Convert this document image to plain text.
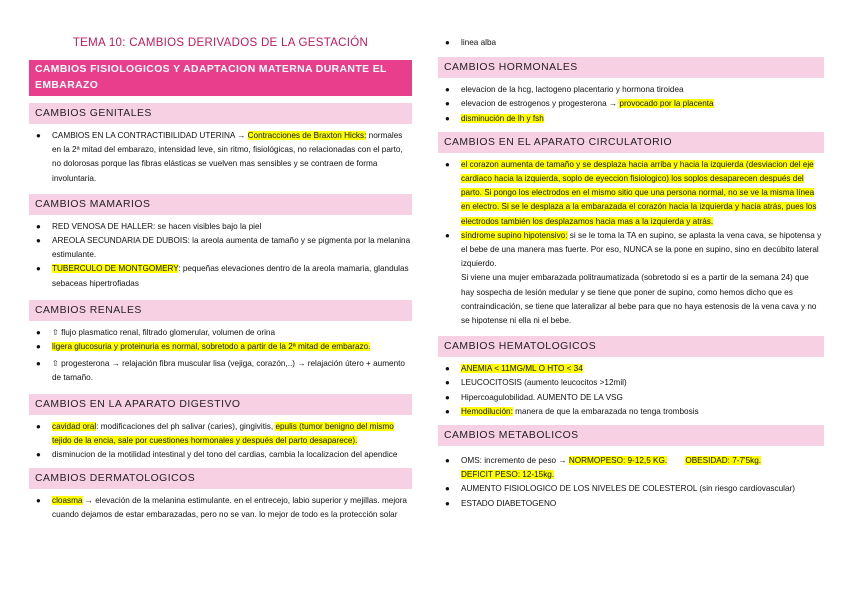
TEMA 10: CAMBIOS DERIVADOS DE LA GESTACIÓN
CAMBIOS FISIOLOGICOS Y ADAPTACION MATERNA DURANTE EL EMBARAZO
CAMBIOS GENITALES
● CAMBIOS EN LA CONTRACTIBILIDAD UTERINA → Contracciones de Braxton Hicks: normales en la 2ª mitad del embarazo, intensidad leve, sin ritmo, fisiológicas, no relacionadas con el parto, no dolorosas porque las fibras elásticas se vuelven mas sensibles y se contraen de forma involuntaria.
CAMBIOS MAMARIOS
● RED VENOSA DE HALLER: se hacen visibles bajo la piel
● AREOLA SECUNDARIA DE DUBOIS: la areola aumenta de tamaño y se pigmenta por la melanina estimulante.
● TUBERCULO DE MONTGOMERY: pequeñas elevaciones dentro de la areola mamaria, glandulas sebaceas hipertrofiadas
CAMBIOS RENALES
● ⇧ flujo plasmatico renal, filtrado glomerular, volumen de orina
● ligera glucosuria y proteinuria es normal, sobretodo a partir de la 2ª mitad de embarazo.
● ⇧ progesterona → relajación fibra muscular lisa (vejiga, corazón,..) → relajación útero + aumento de tamaño.
CAMBIOS EN LA APARATO DIGESTIVO
● cavidad oral: modificaciones del ph salivar (caries), gingivitis, epulis (tumor benigno del mismo tejido de la encia, sale por cuestiones hormonales y después del parto desaparece).
● disminucion de la motilidad intestinal y del tono del cardias, cambia la localizacion del apendice
CAMBIOS DERMATOLOGICOS
● cloasma → elevación de la melanina estimulante. en el entrecejo, labio superior y mejillas. mejora cuando dejamos de estar embarazadas, pero no se van. lo mejor de todo es la protección solar
● linea alba
CAMBIOS HORMONALES
● elevacion de la hcg, lactogeno placentario y hormona tiroidea
● elevacion de estrogenos y progesterona → provocado por la placenta
● disminución de lh y fsh
CAMBIOS EN EL APARATO CIRCULATORIO
● el corazon aumenta de tamaño y se desplaza hacia arriba y hacia la izquierda (desviacion del eje cardiaco hacia la izquierda, soplo de eyeccion fisiologico) los soplos desaparecen después del parto. Si pongo los electrodos en el mismo sitio que una persona normal, no se ve la misma línea en electro. Si se le desplaza a la embarazada el corazón hacia la izquierda y hacia atrás, pues los electrodos también los desplazamos hacia mas a la izquierda y atrás.
● síndrome supino hipotensivo: si se le toma la TA en supino, se aplasta la vena cava, se hipotensa y el bebe de una manera mas fuerte. Por eso, NUNCA se la pone en supino, sino en decúbito lateral izquierdo.
Si viene una mujer embarazada politraumatizada (sobretodo si es a partir de la semana 24) que hay sospecha de lesión medular y se tiene que poner de supino, como hemos dicho que es contraindicación, se tiene que lateralizar al bebe para que no haya estenosis de la vena cava y no se hipotense ni ella ni el bebe.
CAMBIOS HEMATOLOGICOS
● ANEMIA < 11MG/ML O HTO < 34
● LEUCOCITOSIS (aumento leucocitos >12mil)
● Hipercoagulobilidad. AUMENTO DE LA VSG
● Hemodilución: manera de que la embarazada no tenga trombosis
CAMBIOS METABOLICOS
● OMS: incremento de peso → NORMOPESO: 9-12,5 KG. OBESIDAD: 7-7'5kg.
DEFICIT PESO: 12-15kg.
● AUMENTO FISIOLOGICO DE LOS NIVELES DE COLESTEROL (sin riesgo cardiovascular)
● ESTADO DIABETOGENO
